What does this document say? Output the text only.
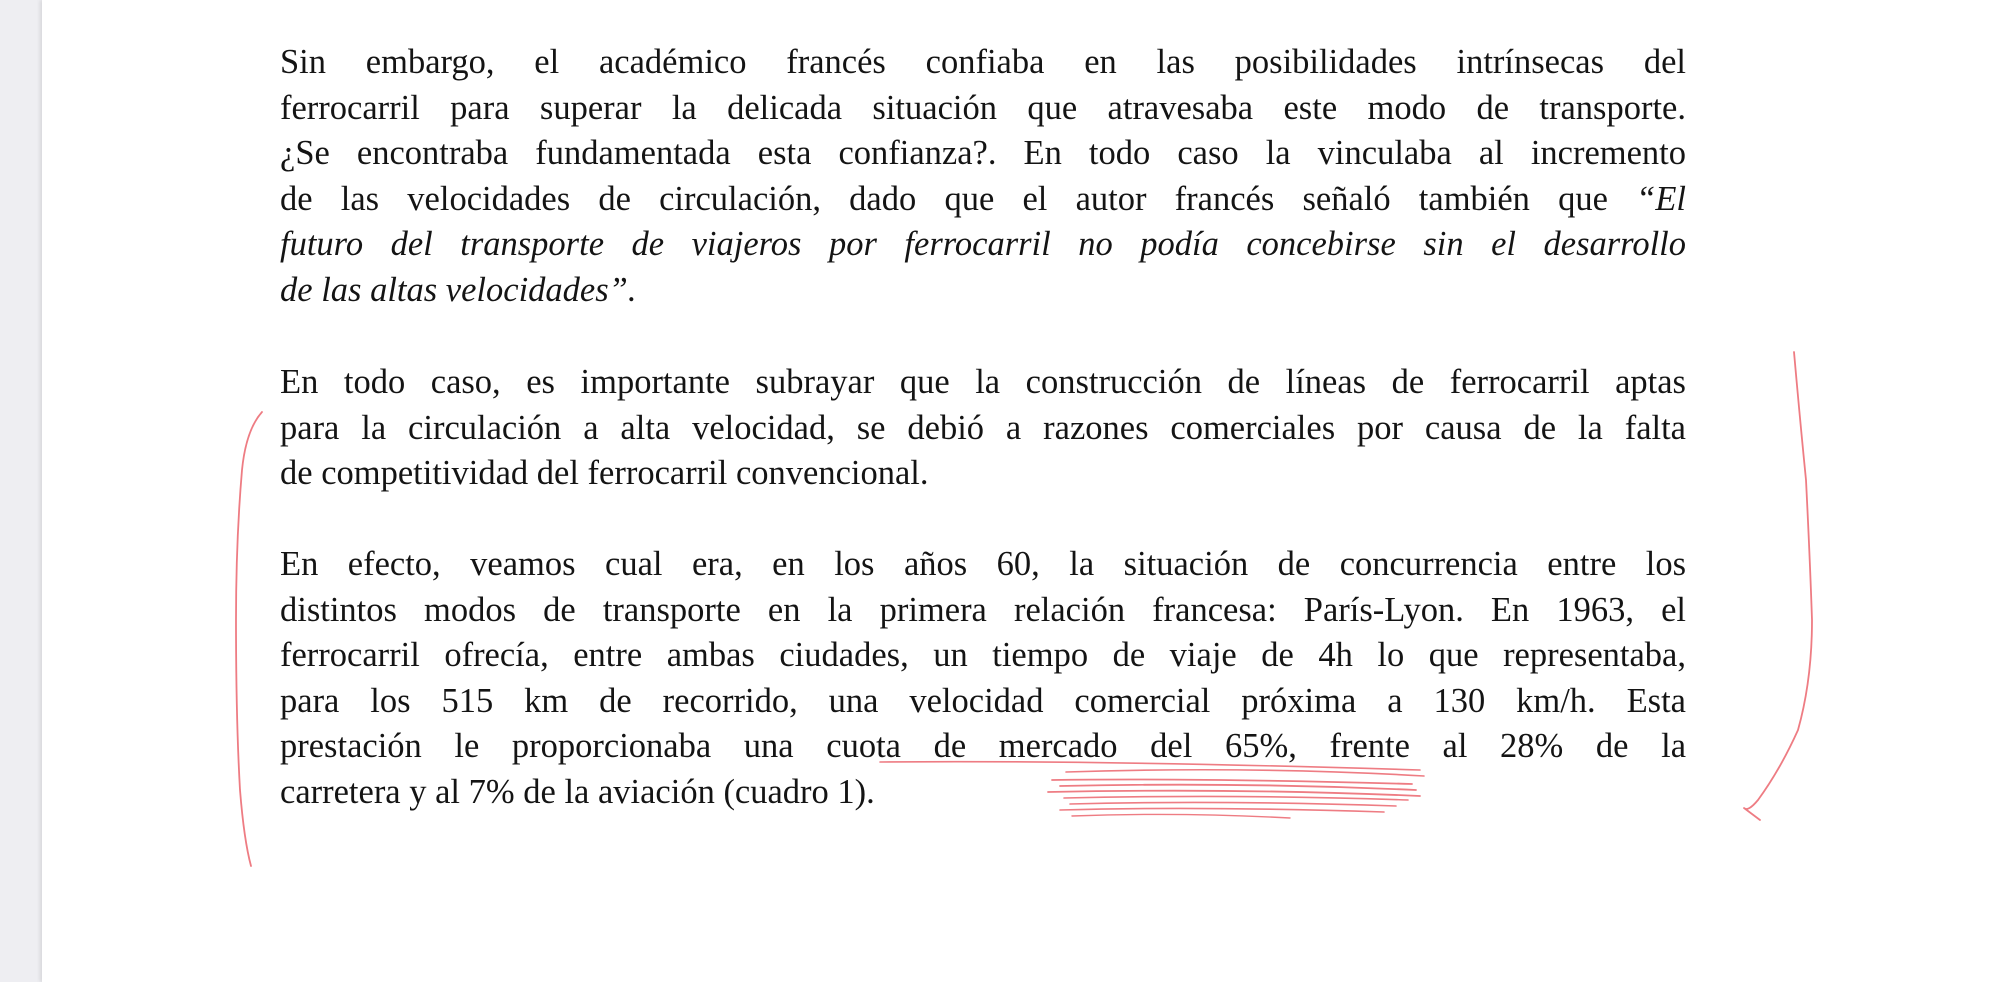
Sin embargo, el académico francés confiaba en las posibilidades intrínsecas del
ferrocarril para superar la delicada situación que atravesaba este modo de transporte.
¿Se encontraba fundamentada esta confianza?. En todo caso la vinculaba al incremento
de las velocidades de circulación, dado que el autor francés señaló también que “El
futuro del transporte de viajeros por ferrocarril no podía concebirse sin el desarrollo
de las altas velocidades”.
En todo caso, es importante subrayar que la construcción de líneas de ferrocarril aptas
para la circulación a alta velocidad, se debió a razones comerciales por causa de la falta
de competitividad del ferrocarril convencional.
En efecto, veamos cual era, en los años 60, la situación de concurrencia entre los
distintos modos de transporte en la primera relación francesa: París-Lyon. En 1963, el
ferrocarril ofrecía, entre ambas ciudades, un tiempo de viaje de 4h lo que representaba,
para los 515 km de recorrido, una velocidad comercial próxima a 130 km/h. Esta
prestación le proporcionaba una cuota de mercado del 65%, frente al 28% de la
carretera y al 7% de la aviación (cuadro 1).
